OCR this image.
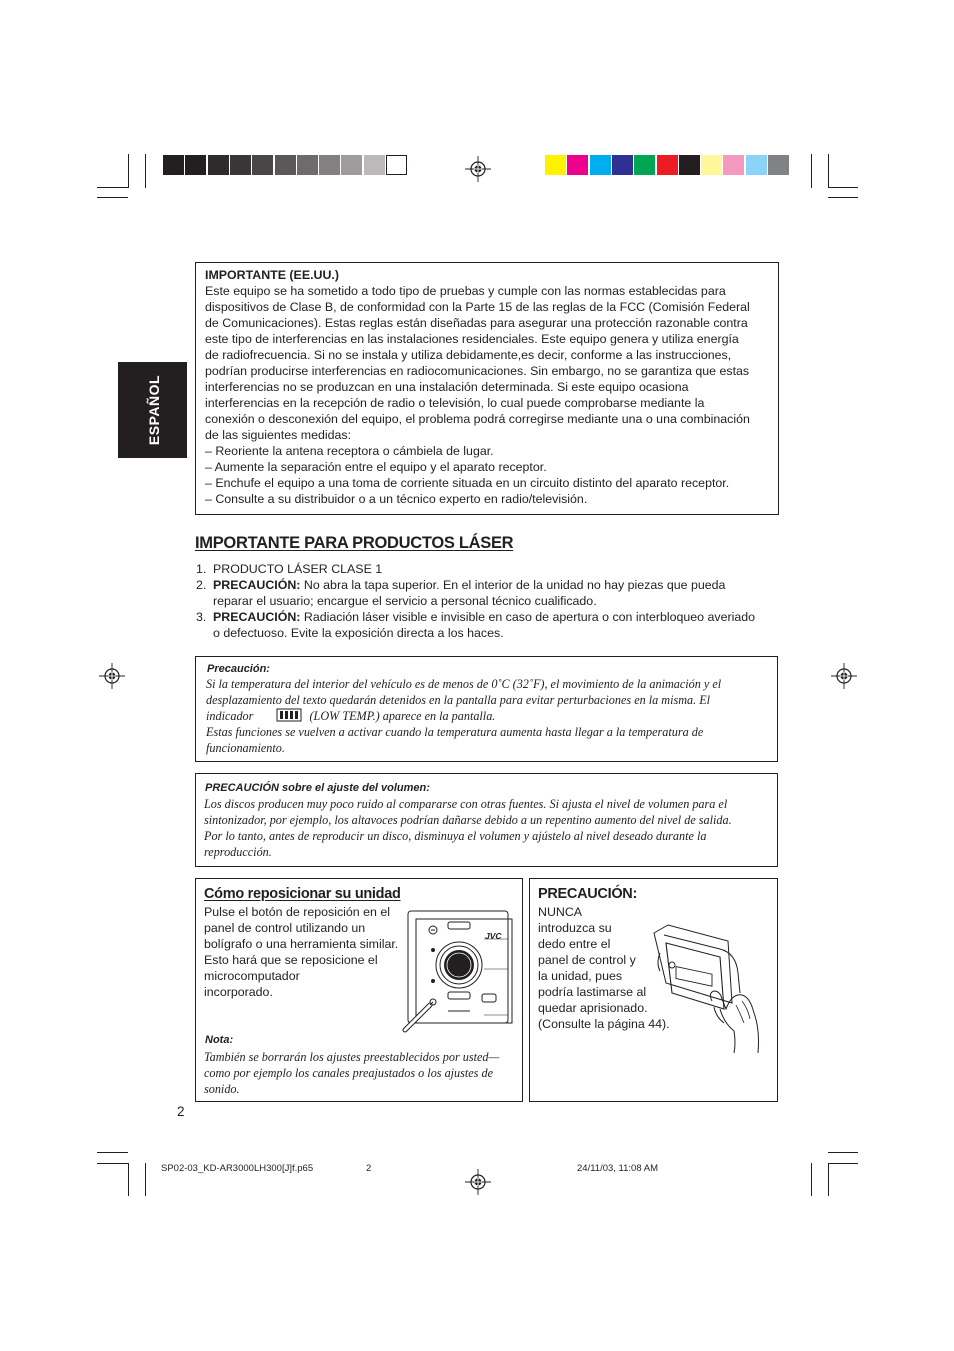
ESPAÑOL
IMPORTANTE (EE.UU.)
Este equipo se ha sometido a todo tipo de pruebas y cumple con las normas establecidas para
dispositivos de Clase B, de conformidad con la Parte 15 de las reglas de la FCC (Comisión Federal
de Comunicaciones). Estas reglas están diseñadas para asegurar una protección razonable contra
este tipo de interferencias en las instalaciones residenciales. Este equipo genera y utiliza energía
de radiofrecuencia. Si no se instala y utiliza debidamente,es decir, conforme a las instrucciones,
podrían producirse interferencias en radiocomunicaciones. Sin embargo, no se garantiza que estas
interferencias no se produzcan en una instalación determinada. Si este equipo ocasiona
interferencias en la recepción de radio o televisión, lo cual puede comprobarse mediante la
conexión o desconexión del equipo, el problema podrá corregirse mediante una o una combinación
de las siguientes medidas:
– Reoriente la antena receptora o cámbiela de lugar.
– Aumente la separación entre el equipo y el aparato receptor.
– Enchufe el equipo a una toma de corriente situada en un circuito distinto del aparato receptor.
– Consulte a su distribuidor o a un técnico experto en radio/televisión.
IMPORTANTE PARA PRODUCTOS LÁSER
1. PRODUCTO LÁSER CLASE 1
2. PRECAUCIÓN: No abra la tapa superior. En el interior de la unidad no hay piezas que pueda
reparar el usuario; encargue el servicio a personal técnico cualificado.
3. PRECAUCIÓN: Radiación láser visible e invisible en caso de apertura o con interbloqueo averiado
o defectuoso. Evite la exposición directa a los haces.
Precaución:
Si la temperatura del interior del vehículo es de menos de 0˚C (32˚F), el movimiento de la animación y el
desplazamiento del texto quedarán detenidos en la pantalla para evitar perturbaciones en la misma. El
indicador	(LOW TEMP.) aparece en la pantalla.
Estas funciones se vuelven a activar cuando la temperatura aumenta hasta llegar a la temperatura de
funcionamiento.
PRECAUCIÓN sobre el ajuste del volumen:
Los discos producen muy poco ruido al compararse con otras fuentes. Si ajusta el nivel de volumen para el
sintonizador, por ejemplo, los altavoces podrían dañarse debido a un repentino aumento del nivel de salida.
Por lo tanto, antes de reproducir un disco, disminuya el volumen y ajústelo al nivel deseado durante la
reproducción.
Cómo reposicionar su unidad
Pulse el botón de reposición en el
panel de control utilizando un
bolígrafo o una herramienta similar.
Esto hará que se reposicione el
microcomputador
incorporado.
JVC
Nota:
También se borrarán los ajustes preestablecidos por usted—
como por ejemplo los canales preajustados o los ajustes de
sonido.
PRECAUCIÓN:
NUNCA
introduzca su
dedo entre el
panel de control y
la unidad, pues
podría lastimarse al
quedar aprisionado.
(Consulte la página 44).
2
SP02-03_KD-AR3000LH300[J]f.p65	2	24/11/03, 11:08 AM
